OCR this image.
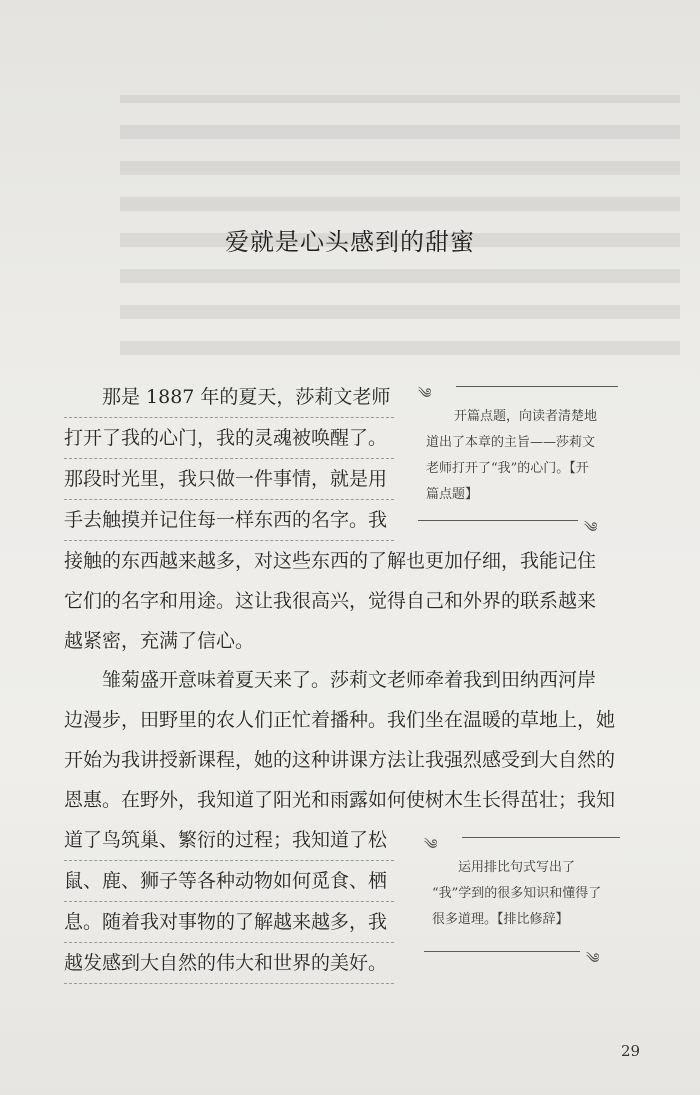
爱就是心头感到的甜蜜
那是 1887 年的夏天，莎莉文老师
打开了我的心门，我的灵魂被唤醒了。
那段时光里，我只做一件事情，就是用
手去触摸并记住每一样东西的名字。我
接触的东西越来越多，对这些东西的了解也更加仔细，我能记住
它们的名字和用途。这让我很高兴，觉得自己和外界的联系越来
越紧密，充满了信心。
雏菊盛开意味着夏天来了。莎莉文老师牵着我到田纳西河岸
边漫步，田野里的农人们正忙着播种。我们坐在温暖的草地上，她
开始为我讲授新课程，她的这种讲课方法让我强烈感受到大自然的
恩惠。在野外，我知道了阳光和雨露如何使树木生长得茁壮；我知
道了鸟筑巢、繁衍的过程；我知道了松
鼠、鹿、狮子等各种动物如何觅食、栖
息。随着我对事物的了解越来越多，我
越发感到大自然的伟大和世界的美好。
༄
开篇点题，向读者清楚地
道出了本章的主旨——莎莉文
老师打开了“我”的心门。【开
篇点题】
༄
༄
运用排比句式写出了
“我”学到的很多知识和懂得了
很多道理。【排比修辞】
༄
29
